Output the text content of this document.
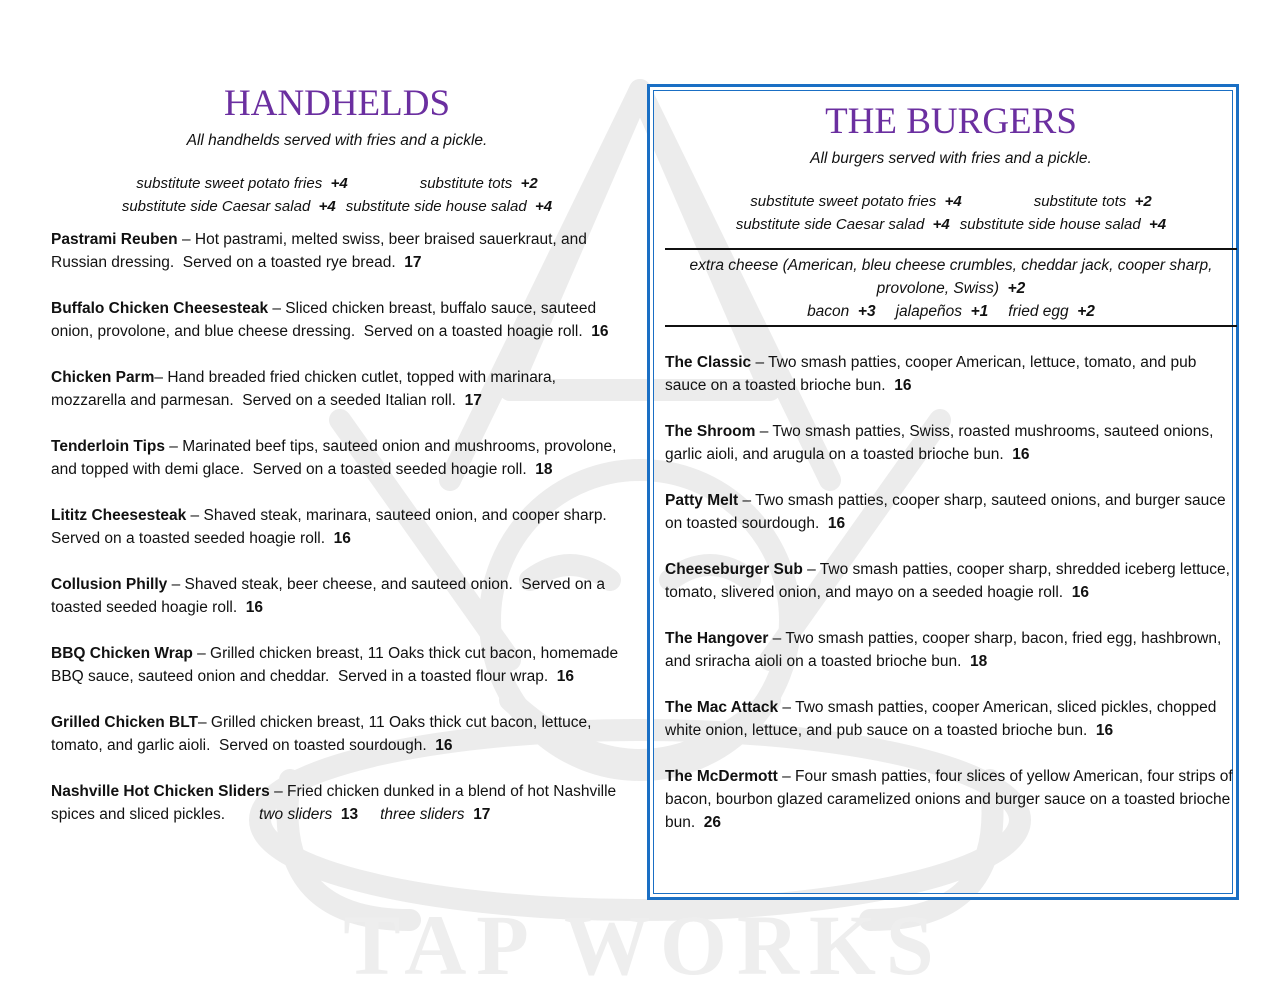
TAP WORKS
HANDHELDS
All handhelds served with fries and a pickle.
substitute sweet potato fries +4	substitute tots +2
substitute side Caesar salad +4 substitute side house salad +4
Pastrami Reuben – Hot pastrami, melted swiss, beer braised sauerkraut, and Russian dressing.  Served on a toasted rye bread.  17
Buffalo Chicken Cheesesteak – Sliced chicken breast, buffalo sauce, sauteed onion, provolone, and blue cheese dressing.  Served on a toasted hoagie roll.  16
Chicken Parm– Hand breaded fried chicken cutlet, topped with marinara, mozzarella and parmesan.  Served on a seeded Italian roll.  17
Tenderloin Tips – Marinated beef tips, sauteed onion and mushrooms, provolone, and topped with demi glace.  Served on a toasted seeded hoagie roll.  18
Lititz Cheesesteak – Shaved steak, marinara, sauteed onion, and cooper sharp.  Served on a toasted seeded hoagie roll.  16
Collusion Philly – Shaved steak, beer cheese, and sauteed onion.  Served on a toasted seeded hoagie roll.  16
BBQ Chicken Wrap – Grilled chicken breast, 11 Oaks thick cut bacon, homemade BBQ sauce, sauteed onion and cheddar.  Served in a toasted flour wrap.  16
Grilled Chicken BLT– Grilled chicken breast, 11 Oaks thick cut bacon, lettuce, tomato, and garlic aioli.  Served on toasted sourdough.  16
Nashville Hot Chicken Sliders – Fried chicken dunked in a blend of hot Nashville spices and sliced pickles. two sliders 13 three sliders 17
THE BURGERS
All burgers served with fries and a pickle.
substitute sweet potato fries +4	substitute tots +2
substitute side Caesar salad +4 substitute side house salad +4
extra cheese (American, bleu cheese crumbles, cheddar jack, cooper sharp, provolone, Swiss) +2
bacon +3 jalapeños +1 fried egg +2
The Classic – Two smash patties, cooper American, lettuce, tomato, and pub sauce on a toasted brioche bun.  16
The Shroom – Two smash patties, Swiss, roasted mushrooms, sauteed onions, garlic aioli, and arugula on a toasted brioche bun.  16
Patty Melt – Two smash patties, cooper sharp, sauteed onions, and burger sauce on toasted sourdough.  16
Cheeseburger Sub – Two smash patties, cooper sharp, shredded iceberg lettuce, tomato, slivered onion, and mayo on a seeded hoagie roll.  16
The Hangover – Two smash patties, cooper sharp, bacon, fried egg, hashbrown, and sriracha aioli on a toasted brioche bun.  18
The Mac Attack – Two smash patties, cooper American, sliced pickles, chopped white onion, lettuce, and pub sauce on a toasted brioche bun.  16
The McDermott – Four smash patties, four slices of yellow American, four strips of bacon, bourbon glazed caramelized onions and burger sauce on a toasted brioche bun.  26
